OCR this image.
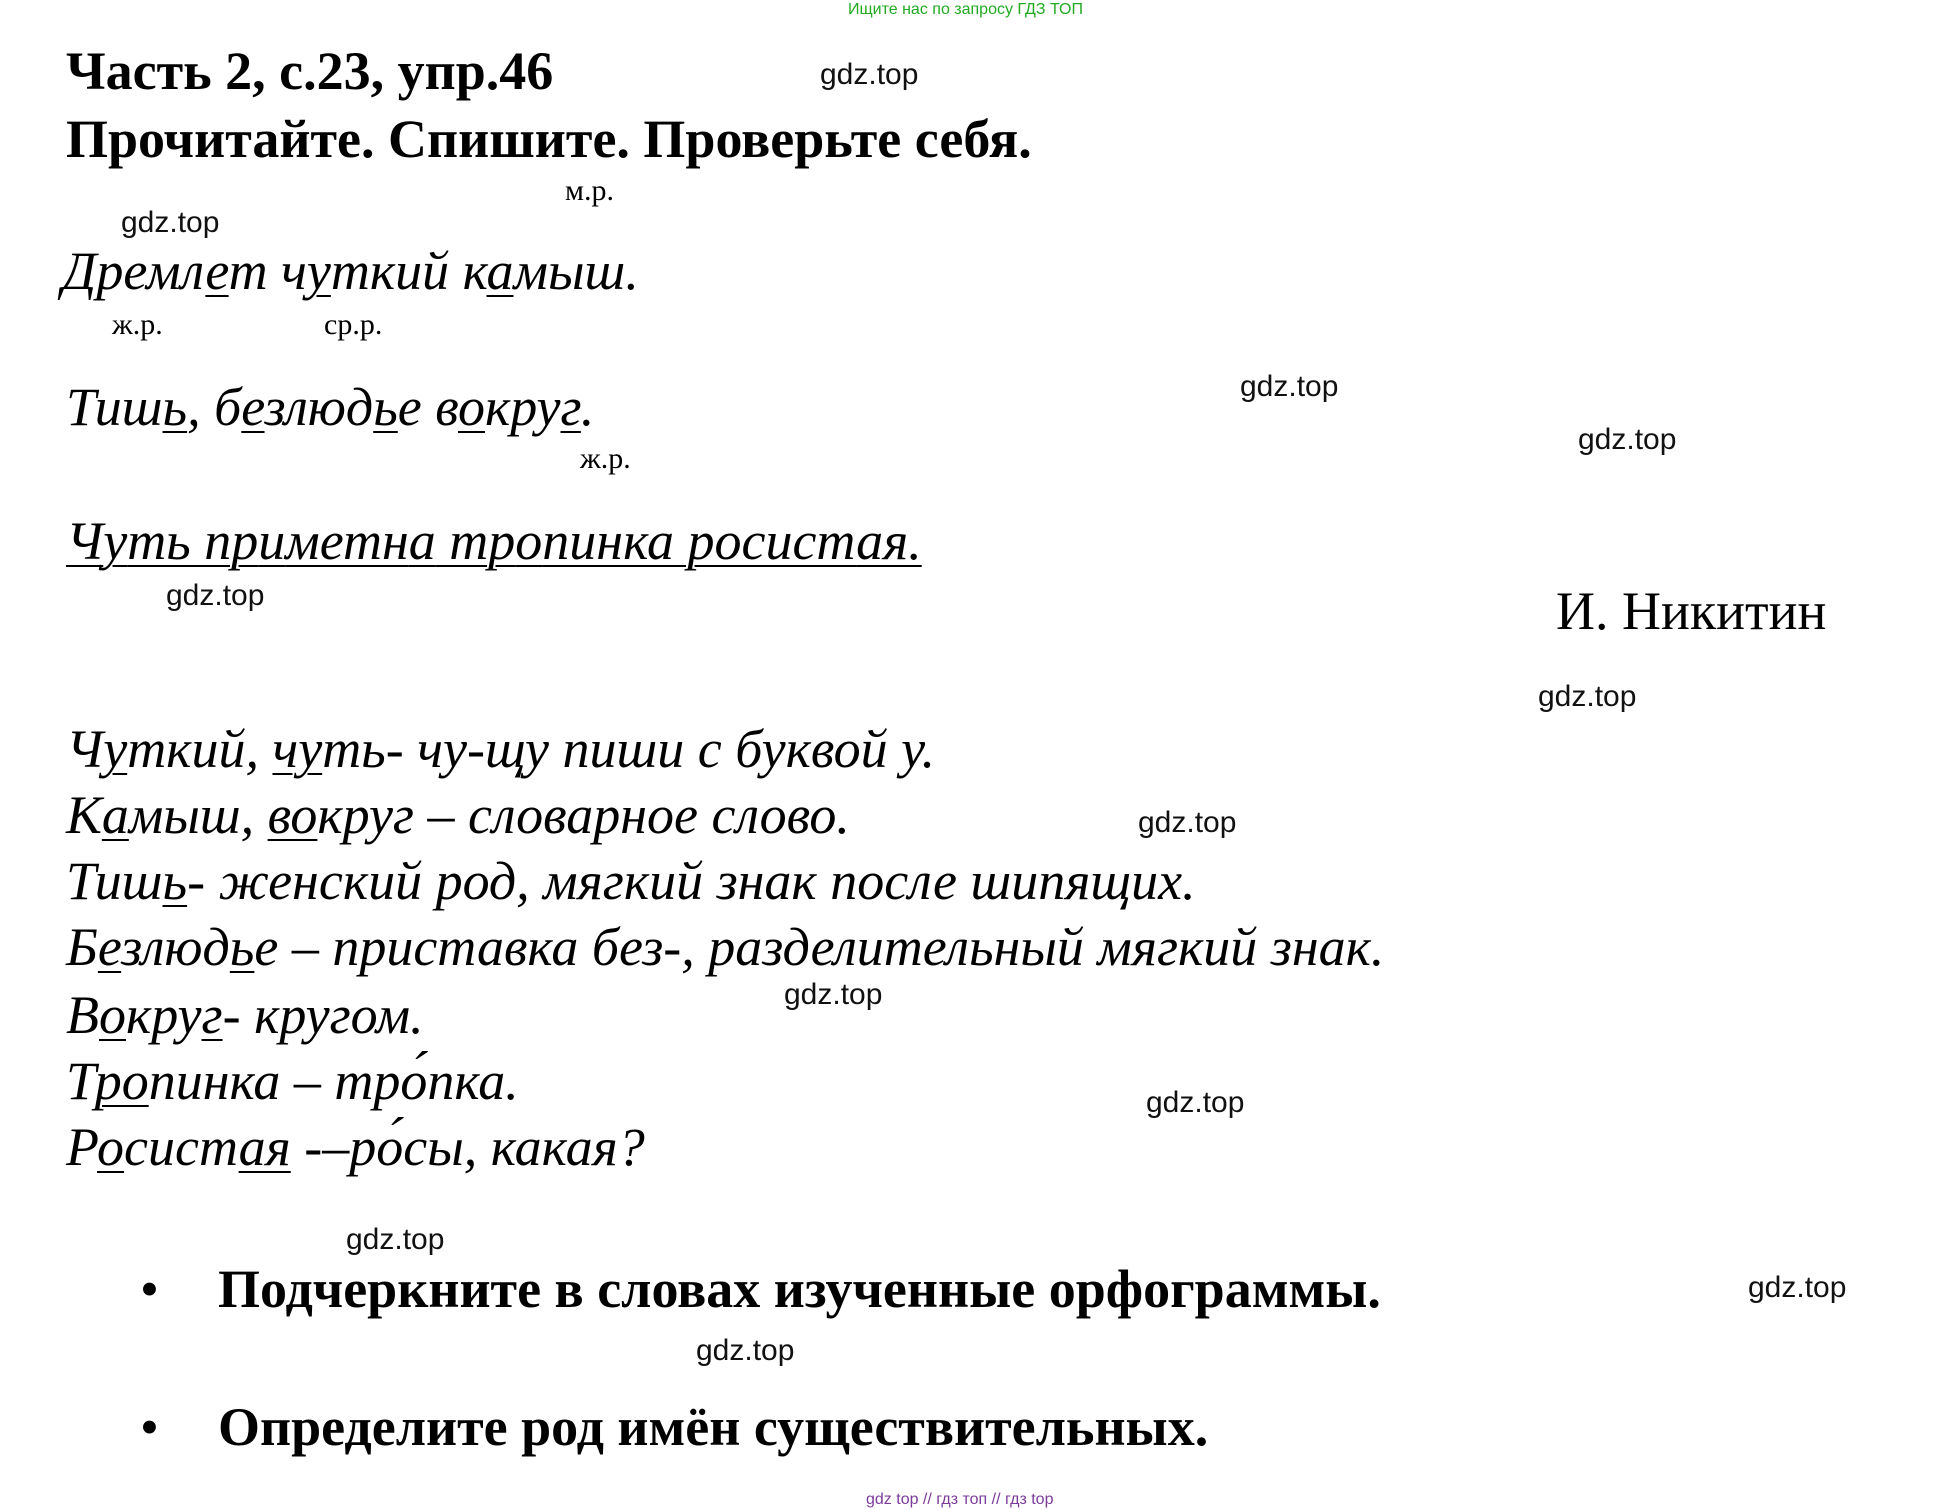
Ищите нас по запросу ГДЗ ТОП
Часть 2, с.23, упр.46
Прочитайте. Спишите. Проверьте себя.
gdz.top
gdz.top
gdz.top
gdz.top
gdz.top
gdz.top
gdz.top
gdz.top
gdz.top
gdz.top
gdz.top
gdz.top
м.р.
ж.р.	ср.р.
ж.р.
Дремлет чуткий камыш.
Тишь, безлюдье вокруг.
Чуть приметна тропинка росистая.
И. Никитин
Чуткий, чуть- чу-щу пиши с буквой у.
Камыш, вокруг – словарное слово.
Тишь- женский род, мягкий знак после шипящих.
Безлюдье – приставка без-, разделительный мягкий знак.
Вокруг- кругом.
Тропинка – тро́пка.
Росистая -–ро́сы, какая?
• Подчеркните в словах изученные орфограммы.
• Определите род имён существительных.
gdz top // гдз топ // гдз top
